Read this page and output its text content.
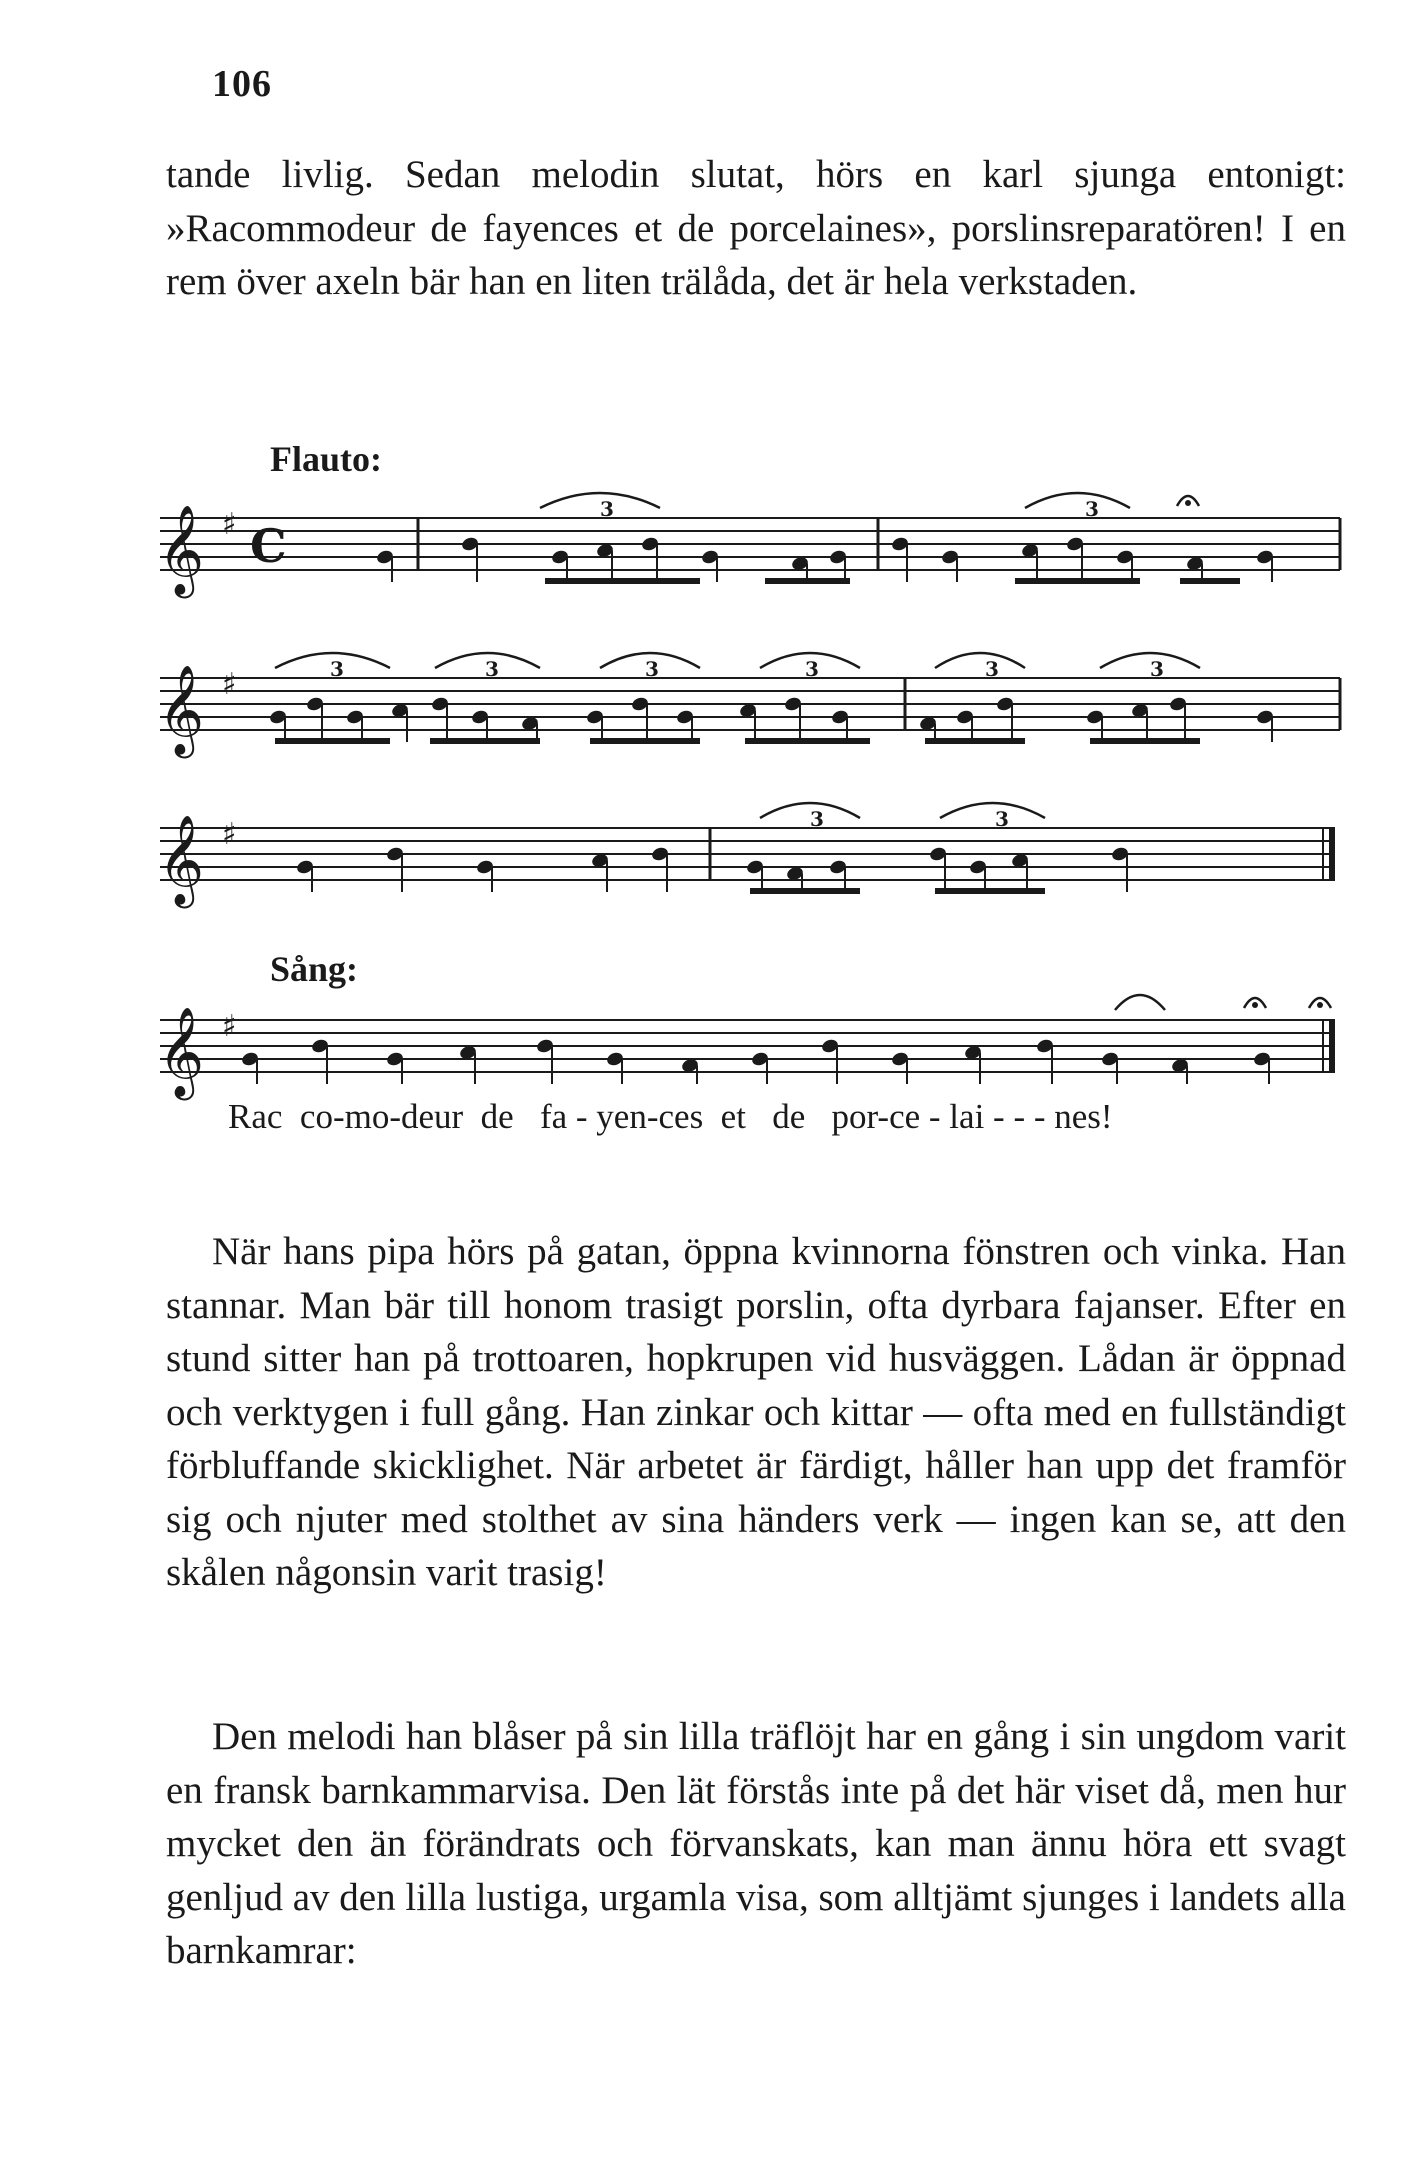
106

tande livlig. Sedan melodin slutat, hörs en karl sjunga entonigt: »Racommodeur de fayences et de porcelaines», porslinsreparatören! I en rem över axeln bär han en liten trälåda, det är hela verkstaden.

Flauto:
𝄞 ♯ C
3	3
𝄞 ♯	3	3	3	3	3	3
𝄞 ♯	3	3
𝄞 ♯
Sång:
Rac  co-mo-deur  de   fa - yen-ces  et   de   por-ce - lai - - - nes!

När hans pipa hörs på gatan, öppna kvinnorna fönstren och vinka. Han stannar. Man bär till honom trasigt porslin, ofta dyrbara fajanser. Efter en stund sitter han på trottoaren, hopkrupen vid husväggen. Lådan är öppnad och verktygen i full gång. Han zinkar och kittar — ofta med en fullständigt förbluffande skicklighet. När arbetet är färdigt, håller han upp det framför sig och njuter med stolthet av sina händers verk — ingen kan se, att den skålen någonsin varit trasig!

Den melodi han blåser på sin lilla träflöjt har en gång i sin ungdom varit en fransk barnkammarvisa. Den lät förstås inte på det här viset då, men hur mycket den än förändrats och förvanskats, kan man ännu höra ett svagt genljud av den lilla lustiga, urgamla visa, som alltjämt sjunges i landets alla barnkamrar:
